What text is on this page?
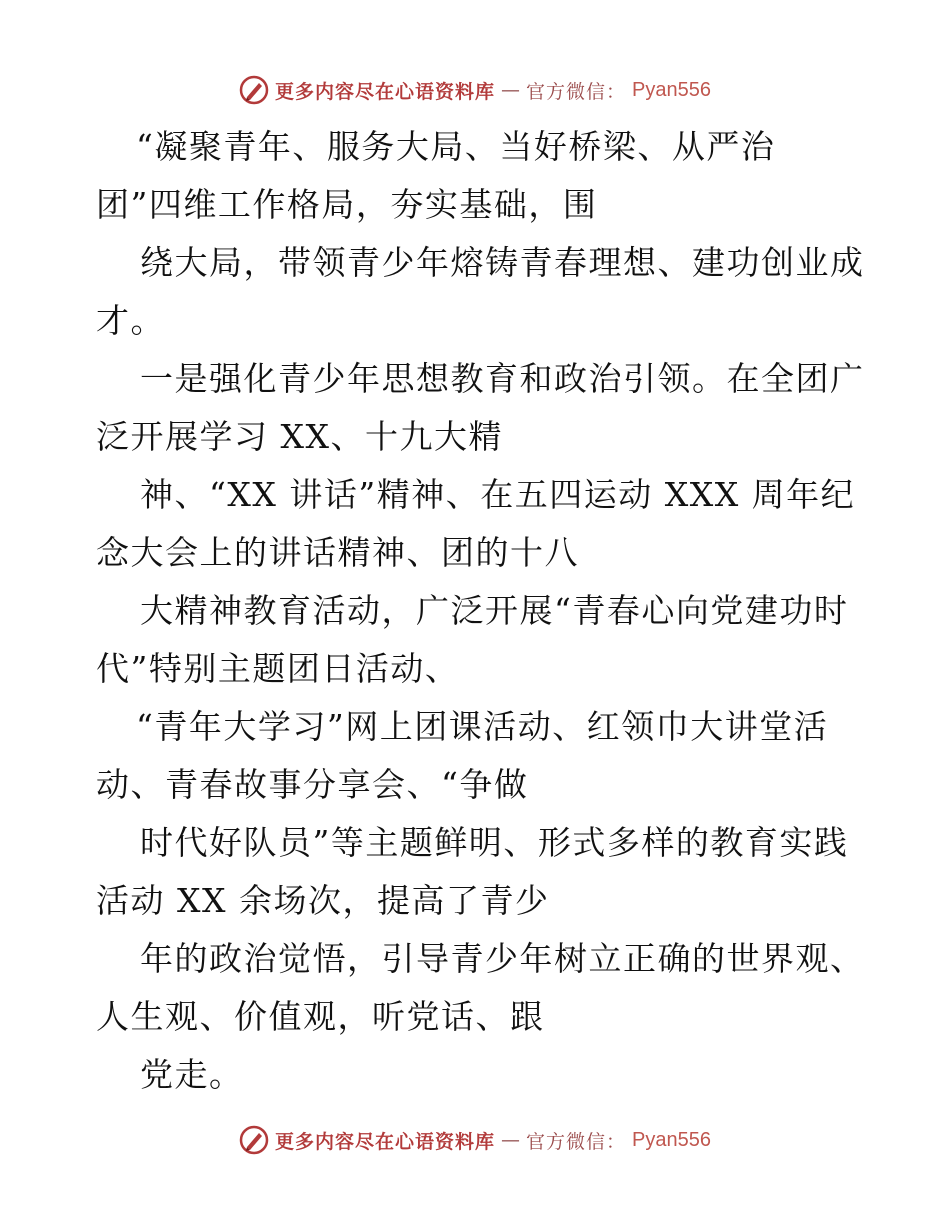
更多内容尽在心语资料库 — 官方微信： Pyan556
“凝聚青年、服务大局、当好桥梁、从严治
团”四维工作格局，夯实基础，围
绕大局，带领青少年熔铸青春理想、建功创业成
才。
一是强化青少年思想教育和政治引领。在全团广
泛开展学习 XX、十九大精
神、“XX 讲话”精神、在五四运动 XXX 周年纪
念大会上的讲话精神、团的十八
大精神教育活动，广泛开展“青春心向党建功时
代”特别主题团日活动、
“青年大学习”网上团课活动、红领巾大讲堂活
动、青春故事分享会、“争做
时代好队员”等主题鲜明、形式多样的教育实践
活动 XX 余场次，提高了青少
年的政治觉悟，引导青少年树立正确的世界观、
人生观、价值观，听党话、跟
党走。
更多内容尽在心语资料库 — 官方微信： Pyan556
